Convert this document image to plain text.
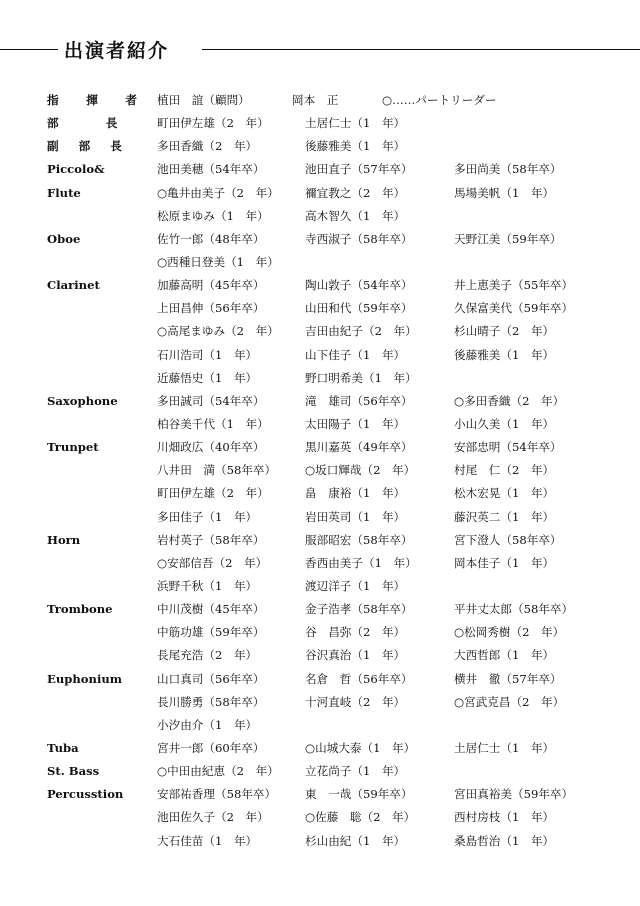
出演者紹介
指　揮　者 植田　誼（顧問）	岡本　正	○……パートリーダー
部　　長	町田伊左雄（2　年）	土居仁士（1　年）
副 部 長 多田香織（2　年）	後藤雅美（1　年）
Piccolo&	池田美穂（54年卒）	池田直子（57年卒）	多田尚美（58年卒）
Flute	○亀井由美子（2　年） 禰宜教之（2　年）	馬場美帆（1　年）
松原まゆみ（1　年）	高木智久（1　年）
Oboe	佐竹一郎（48年卒）	寺西淑子（58年卒）	天野江美（59年卒）
○西種日登美（1　年）
Clarinet	加藤高明（45年卒）	陶山敦子（54年卒）	井上恵美子（55年卒）
上田昌伸（56年卒）	山田和代（59年卒）	久保富美代（59年卒）
○高尾まゆみ（2　年） 吉田由紀子（2　年）	杉山晴子（2　年）
石川浩司（1　年）	山下佳子（1　年）	後藤雅美（1　年）
近藤悟史（1　年）	野口明希美（1　年）
Saxophone	多田誠司（54年卒）	滝　雄司（56年卒）	○多田香織（2　年）
柏谷美千代（1　年）	太田陽子（1　年）	小山久美（1　年）
Trunpet	川畑政広（40年卒）	黒川嘉英（49年卒）	安部忠明（54年卒）
八井田　満（58年卒） ○坂口輝哉（2　年）	村尾　仁（2　年）
町田伊左雄（2　年）	畠　康裕（1　年）	松木宏晃（1　年）
多田佳子（1　年）	岩田英司（1　年）	藤沢英二（1　年）
Horn	岩村英子（58年卒）	服部昭宏（58年卒）	宮下澄人（58年卒）
○安部信吾（2　年）	香西由美子（1　年）	岡本佳子（1　年）
浜野千秋（1　年）	渡辺洋子（1　年）
Trombone	中川茂樹（45年卒）	金子浩孝（58年卒）	平井丈太郎（58年卒）
中筋功雄（59年卒）	谷　昌弥（2　年）	○松岡秀樹（2　年）
長尾充浩（2　年）	谷沢真治（1　年）	大西哲郎（1　年）
Euphonium	山口真司（56年卒）	名倉　哲（56年卒）	横井　徹（57年卒）
長川勝勇（58年卒）	十河直岐（2　年）	○宮武克昌（2　年）
小汐由介（1　年）
Tuba	宮井一郎（60年卒）	○山城大泰（1　年）	土居仁士（1　年）
St. Bass	○中田由紀恵（2　年） 立花尚子（1　年）
Percusstion	安部祐香理（58年卒） 東　一哉（59年卒）	宮田真裕美（59年卒）
池田佐久子（2　年）	○佐藤　聡（2　年）	西村房枝（1　年）
大石佳苗（1　年）	杉山由紀（1　年）	桑島哲治（1　年）
